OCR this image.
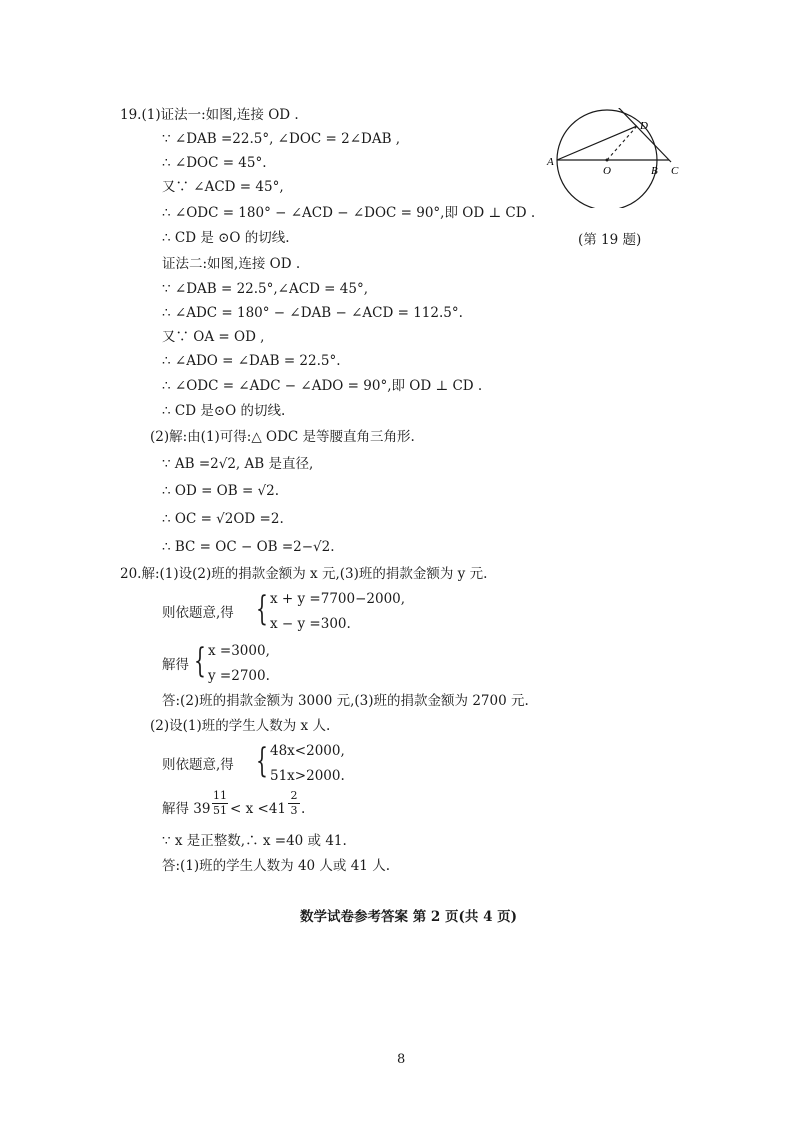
19.(1)证法一:如图,连接 OD .
∵ ∠DAB =22.5°, ∠DOC = 2∠DAB ,
∴ ∠DOC = 45°.
又∵ ∠ACD = 45°,
∴ ∠ODC = 180° − ∠ACD − ∠DOC = 90°,即 OD ⊥ CD .
∴ CD 是 ⊙O 的切线.
证法二:如图,连接 OD .
∵ ∠DAB = 22.5°,∠ACD = 45°,
∴ ∠ADC = 180° − ∠DAB − ∠ACD = 112.5°.
又∵ OA = OD ,
∴ ∠ADO = ∠DAB = 22.5°.
∴ ∠ODC = ∠ADC − ∠ADO = 90°,即 OD ⊥ CD .
∴ CD 是⊙O 的切线.
(2)解:由(1)可得:△ ODC 是等腰直角三角形.
∵ AB =2√2, AB 是直径,
∴ OD = OB = √2.
∴ OC = √2OD =2.
∴ BC = OC − OB =2−√2.
A
O	B C
D
(第 19 题)
20.解:(1)设(2)班的捐款金额为 x 元,(3)班的捐款金额为 y 元.
则依题意,得 { x + y =7700−2000,
x − y =300.
解得 { x =3000,
y =2700.
答:(2)班的捐款金额为 3000 元,(3)班的捐款金额为 2700 元.
(2)设(1)班的学生人数为 x 人.
则依题意,得 { 48x<2000,
51x>2000.
解得 39
11
51 < x <41
2
3 .
∵ x 是正整数,∴ x =40 或 41.
答:(1)班的学生人数为 40 人或 41 人.
数学试卷参考答案 第 2 页(共 4 页)
8
